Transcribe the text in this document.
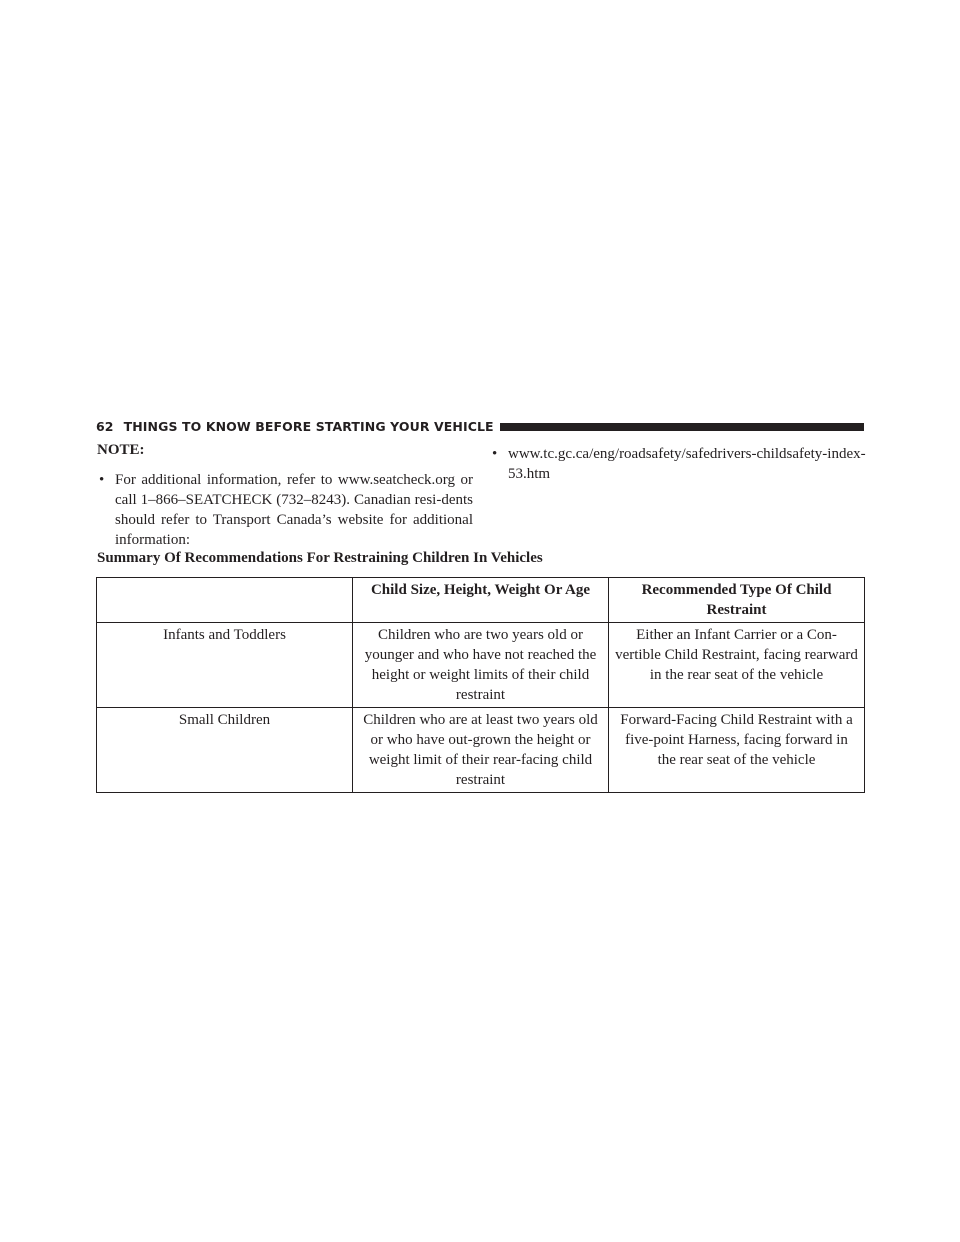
62 THINGS TO KNOW BEFORE STARTING YOUR VEHICLE
NOTE:
• For additional information, refer to www.seatcheck.org or call 1–866–SEATCHECK (732–8243). Canadian resi-dents should refer to Transport Canada’s website for additional information:
• www.tc.gc.ca/eng/roadsafety/safedrivers-childsafety-index-53.htm
Summary Of Recommendations For Restraining Children In Vehicles
	Child Size, Height, Weight Or Age	Recommended Type Of Child Restraint
Infants and Toddlers	Children who are two years old or younger and who have not reached the height or weight limits of their child restraint	Either an Infant Carrier or a Con-vertible Child Restraint, facing rearward in the rear seat of the vehicle
Small Children	Children who are at least two years old or who have out-grown the height or weight limit of their rear-facing child restraint	Forward-Facing Child Restraint with a five-point Harness, facing forward in the rear seat of the vehicle
